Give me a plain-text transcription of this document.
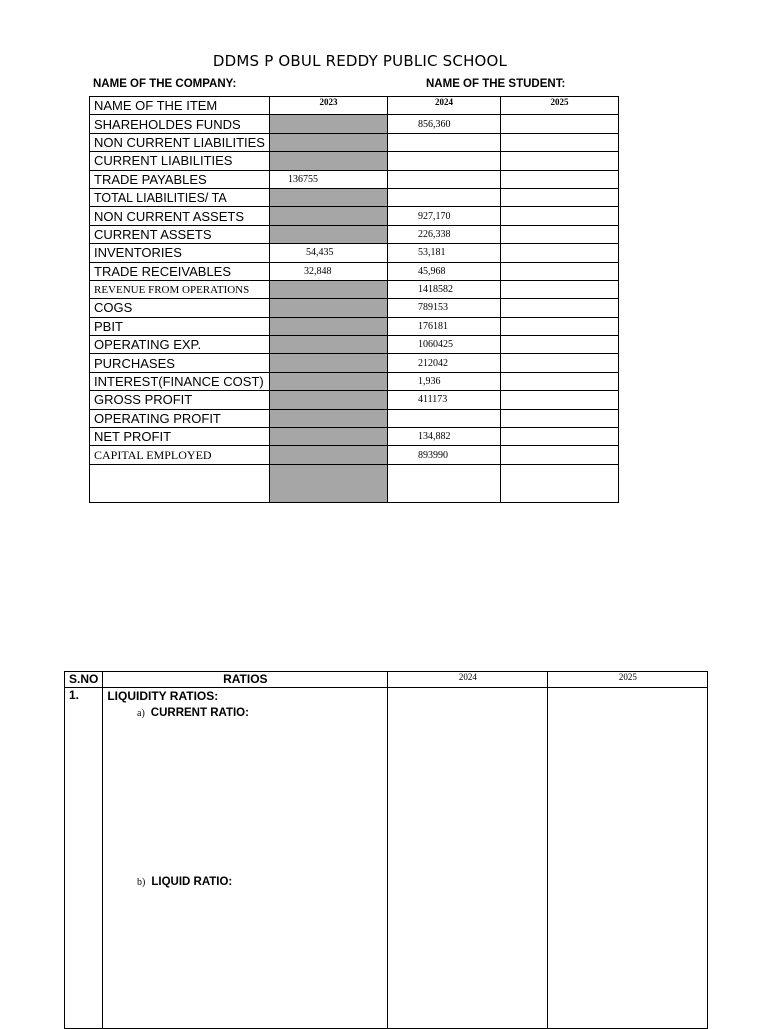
DDMS P OBUL REDDY PUBLIC SCHOOL
NAME OF THE COMPANY:	NAME OF THE STUDENT:
NAME OF THE ITEM	2023	2024	2025
SHAREHOLDES FUNDS		856,360	
NON CURRENT LIABILITIES			
CURRENT LIABILITIES			
TRADE PAYABLES	136755		
TOTAL LIABILITIES/ TA			
NON CURRENT ASSETS		927,170	
CURRENT ASSETS		226,338	
INVENTORIES	54,435	53,181	
TRADE RECEIVABLES	32,848	45,968	
REVENUE FROM OPERATIONS		1418582	
COGS		789153	
PBIT		176181	
OPERATING EXP.		1060425	
PURCHASES		212042	
INTEREST(FINANCE COST)		1,936	
GROSS PROFIT		411173	
OPERATING PROFIT			
NET PROFIT		134,882	
CAPITAL EMPLOYED		893990	

S.NO	RATIOS	2024	2025
1.	LIQUIDITY RATIOS:		

a) CURRENT RATIO:
b) LIQUID RATIO:
